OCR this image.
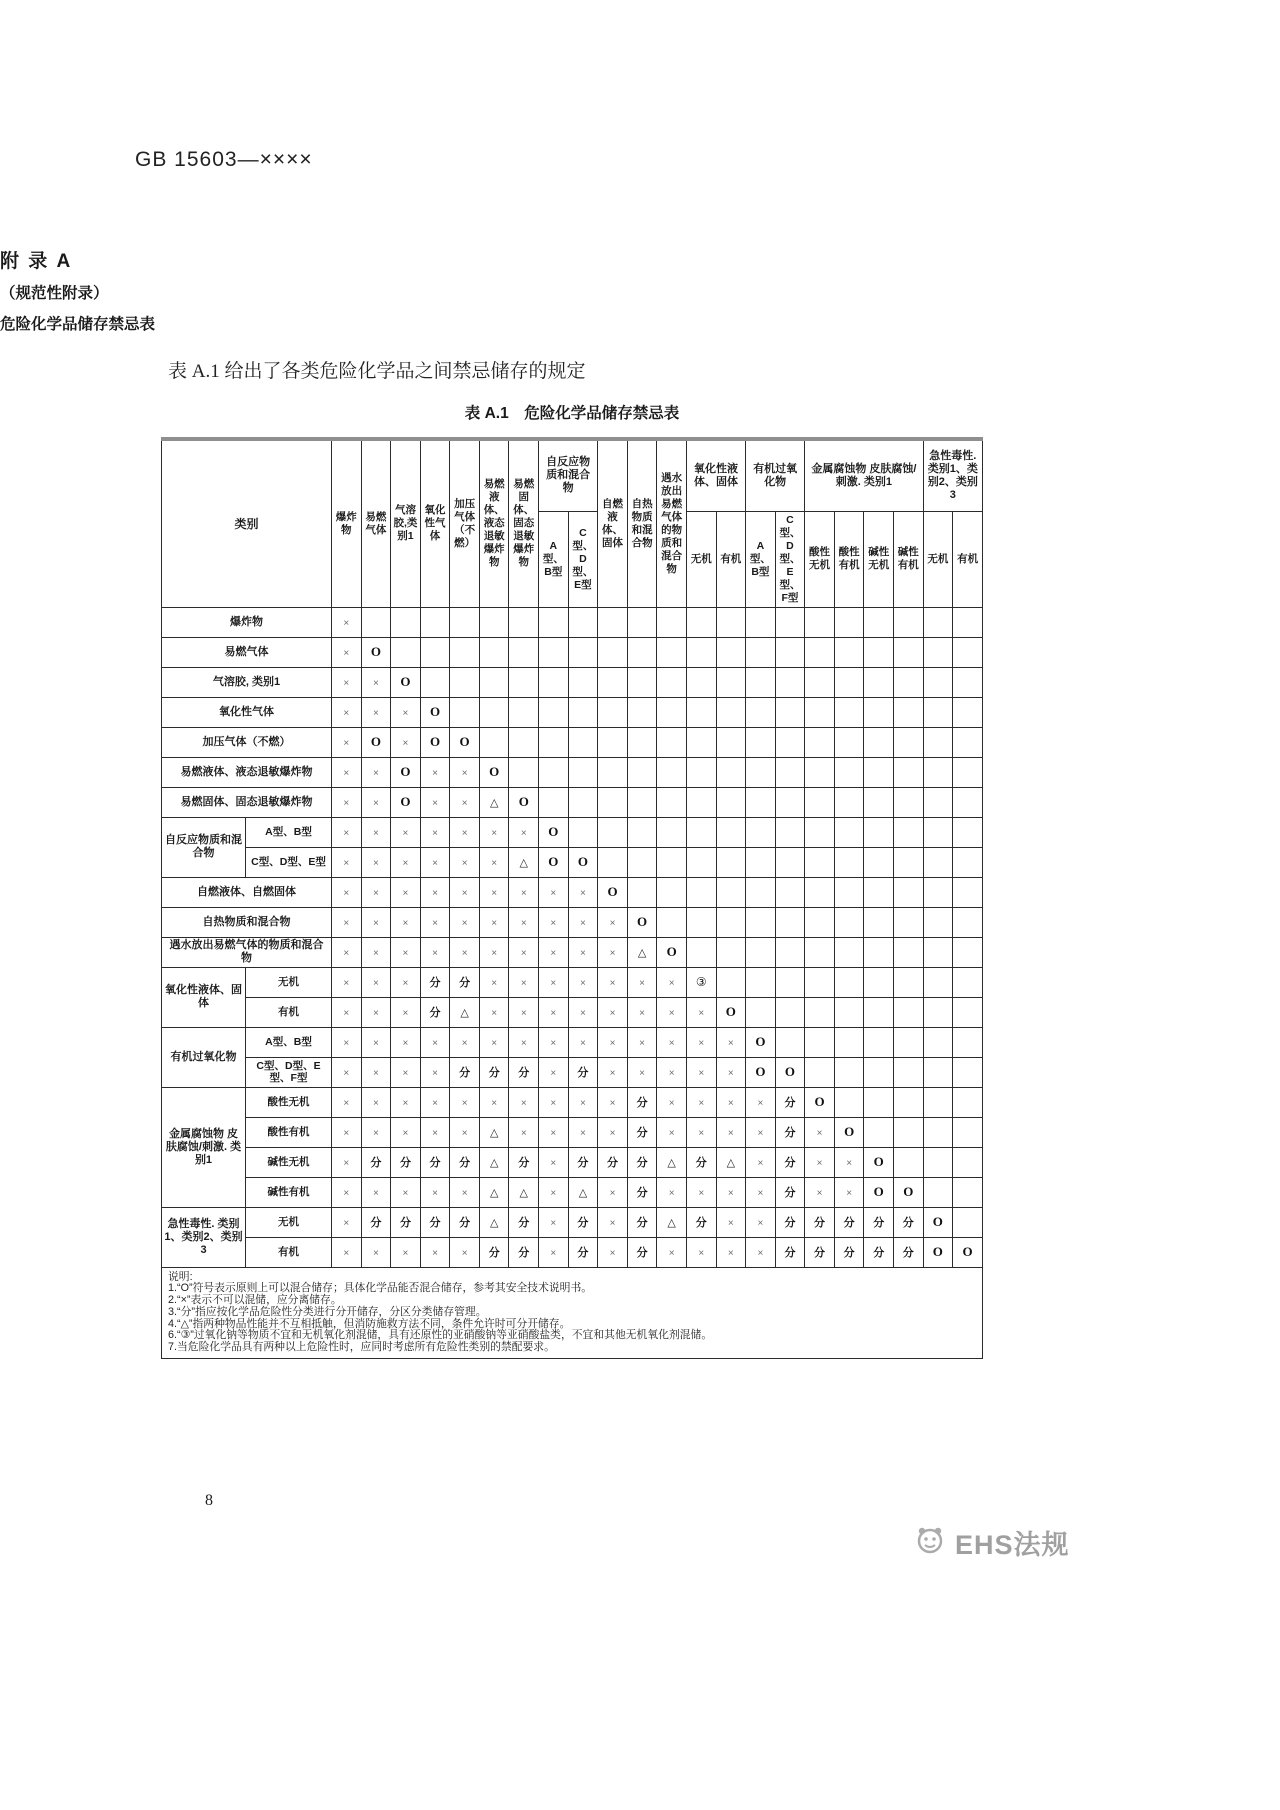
GB 15603—××××
附 录 A
（规范性附录）
危险化学品储存禁忌表
表 A.1 给出了各类危险化学品之间禁忌储存的规定
表 A.1　危险化学品储存禁忌表
类别		爆炸物	易燃气体	气溶胶,类别1	氧化性气体	加压气体（不燃）	易燃液体、液态退敏爆炸物	易燃固体、固态退敏爆炸物	自反应物质和混合物		自燃液体、固体	自热物质和混合物	遇水放出易燃气体的物质和混合物	氧化性液体、固体		有机过氧化物		金属腐蚀物 皮肤腐蚀/刺激. 类别1				急性毒性. 类别1、类别2、类别3	
									A型、B型	C型、D型、E型				无机	有机	A型、B型	C型、D型、E型、F型	酸性无机	酸性有机	碱性无机	碱性有机	无机	有机
爆炸物		×																					
易燃气体		×	O																				
气溶胶, 类别1		×	×	O																			
氧化性气体		×	×	×	O																		
加压气体（不燃）		×	O	×	O	O																	
易燃液体、液态退敏爆炸物		×	×	O	×	×	O																
易燃固体、固态退敏爆炸物		×	×	O	×	×	△	O															
自反应物质和混合物	A型、B型	×	×	×	×	×	×	×	O														
	C型、D型、E型	×	×	×	×	×	×	△	O	O													
自燃液体、自燃固体		×	×	×	×	×	×	×	×	×	O												
自热物质和混合物		×	×	×	×	×	×	×	×	×	×	O											
遇水放出易燃气体的物质和混合物		×	×	×	×	×	×	×	×	×	×	△	O										
氧化性液体、固体	无机	×	×	×	分	分	×	×	×	×	×	×	×	③									
	有机	×	×	×	分	△	×	×	×	×	×	×	×	×	O								
有机过氧化物	A型、B型	×	×	×	×	×	×	×	×	×	×	×	×	×	×	O							
	C型、D型、E型、F型	×	×	×	×	分	分	分	×	分	×	×	×	×	×	O	O						
金属腐蚀物 皮肤腐蚀/刺激. 类别1	酸性无机	×	×	×	×	×	×	×	×	×	×	分	×	×	×	×	分	O					
	酸性有机	×	×	×	×	×	△	×	×	×	×	分	×	×	×	×	分	×	O				
	碱性无机	×	分	分	分	分	△	分	×	分	分	分	△	分	△	×	分	×	×	O			
	碱性有机	×	×	×	×	×	△	△	×	△	×	分	×	×	×	×	分	×	×	O	O		
急性毒性. 类别1、类别2、类别3	无机	×	分	分	分	分	△	分	×	分	×	分	△	分	×	×	分	分	分	分	分	O	
	有机	×	×	×	×	×	分	分	×	分	×	分	×	×	×	×	分	分	分	分	分	O	O

说明:
1.“O”符号表示原则上可以混合储存；具体化学品能否混合储存，参考其安全技术说明书。
2.“×”表示不可以混储，应分离储存。
3.“分”指应按化学品危险性分类进行分开储存，分区分类储存管理。
4.“△”指两种物品性能并不互相抵触，但消防施救方法不同，条件允许时可分开储存。
6.“③”过氧化钠等物质不宜和无机氧化剂混储，具有还原性的亚硝酸钠等亚硝酸盐类，不宜和其他无机氧化剂混储。
7.当危险化学品具有两种以上危险性时，应同时考虑所有危险性类别的禁配要求。
8
EHS法规
